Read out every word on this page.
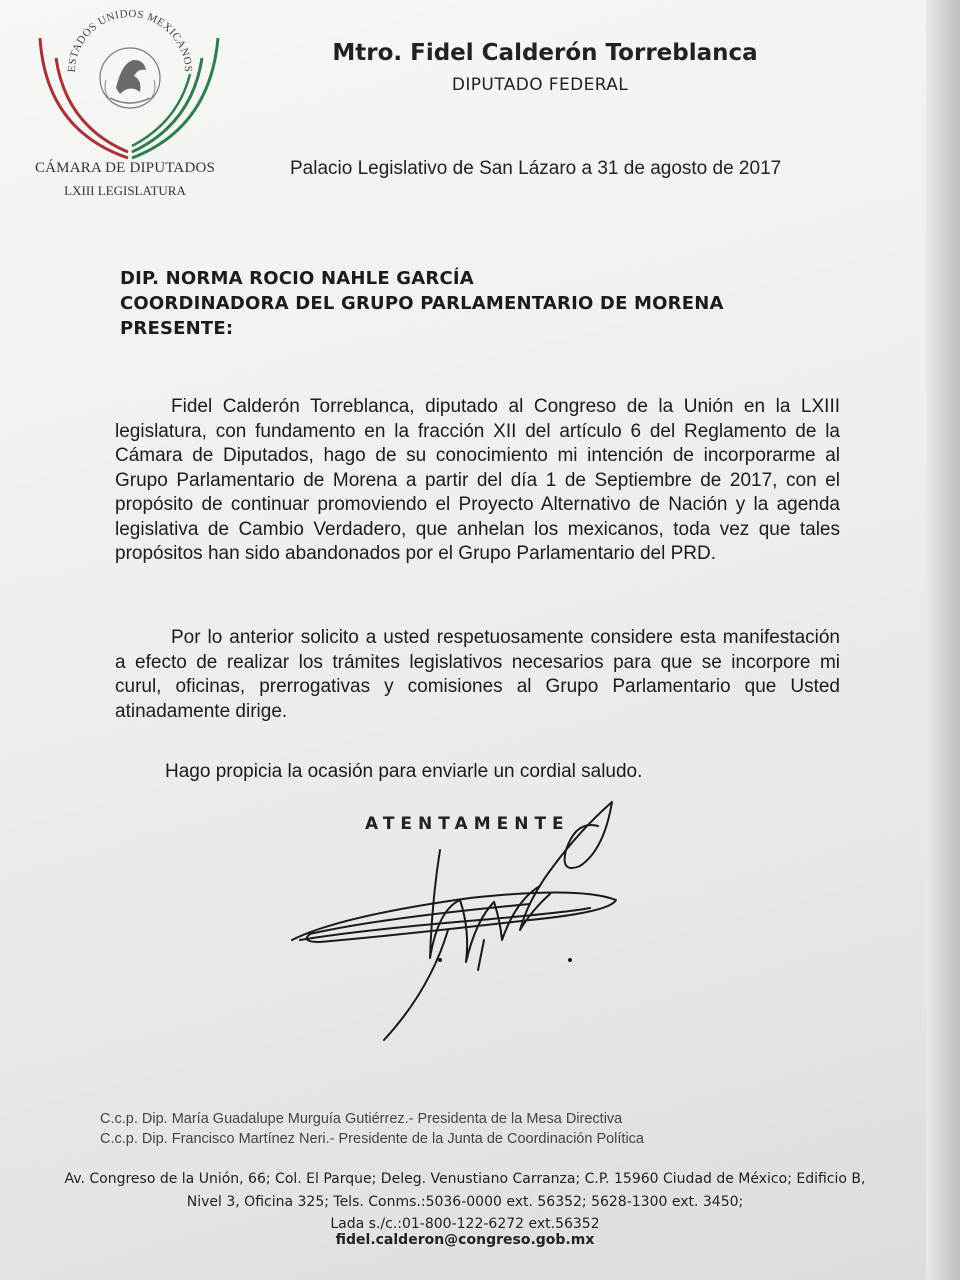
ESTADOS UNIDOS MEXICANOS
CÁMARA DE DIPUTADOS
LXIII LEGISLATURA
Mtro. Fidel Calderón Torreblanca
DIPUTADO FEDERAL
Palacio Legislativo de San Lázaro a 31 de agosto de 2017
DIP. NORMA ROCIO NAHLE GARCÍA
COORDINADORA DEL GRUPO PARLAMENTARIO DE MORENA
PRESENTE:
Fidel Calderón Torreblanca, diputado al Congreso de la Unión en la LXIII legislatura, con fundamento en la fracción XII del artículo 6 del Reglamento de la Cámara de Diputados, hago de su conocimiento mi intención de incorporarme al Grupo Parlamentario de Morena a partir del día 1 de Septiembre de 2017, con el propósito de continuar promoviendo el Proyecto Alternativo de Nación y la agenda legislativa de Cambio Verdadero, que anhelan los mexicanos, toda vez que tales propósitos han sido abandonados por el Grupo Parlamentario del PRD.
Por lo anterior solicito a usted respetuosamente considere esta manifestación a efecto de realizar los trámites legislativos necesarios para que se incorpore mi curul, oficinas, prerrogativas y comisiones al Grupo Parlamentario que Usted atinadamente dirige.
Hago propicia la ocasión para enviarle un cordial saludo.
ATENTAMENTE
C.c.p. Dip. María Guadalupe Murguía Gutiérrez.- Presidenta de la Mesa Directiva
C.c.p. Dip. Francisco Martínez Neri.- Presidente de la Junta de Coordinación Política
Av. Congreso de la Unión, 66; Col. El Parque; Deleg. Venustiano Carranza; C.P. 15960 Ciudad de México; Edificio B,
Nivel 3, Oficina 325; Tels. Conms.:5036-0000 ext. 56352; 5628-1300 ext. 3450;
Lada s./c.:01-800-122-6272 ext.56352
fidel.calderon@congreso.gob.mx
